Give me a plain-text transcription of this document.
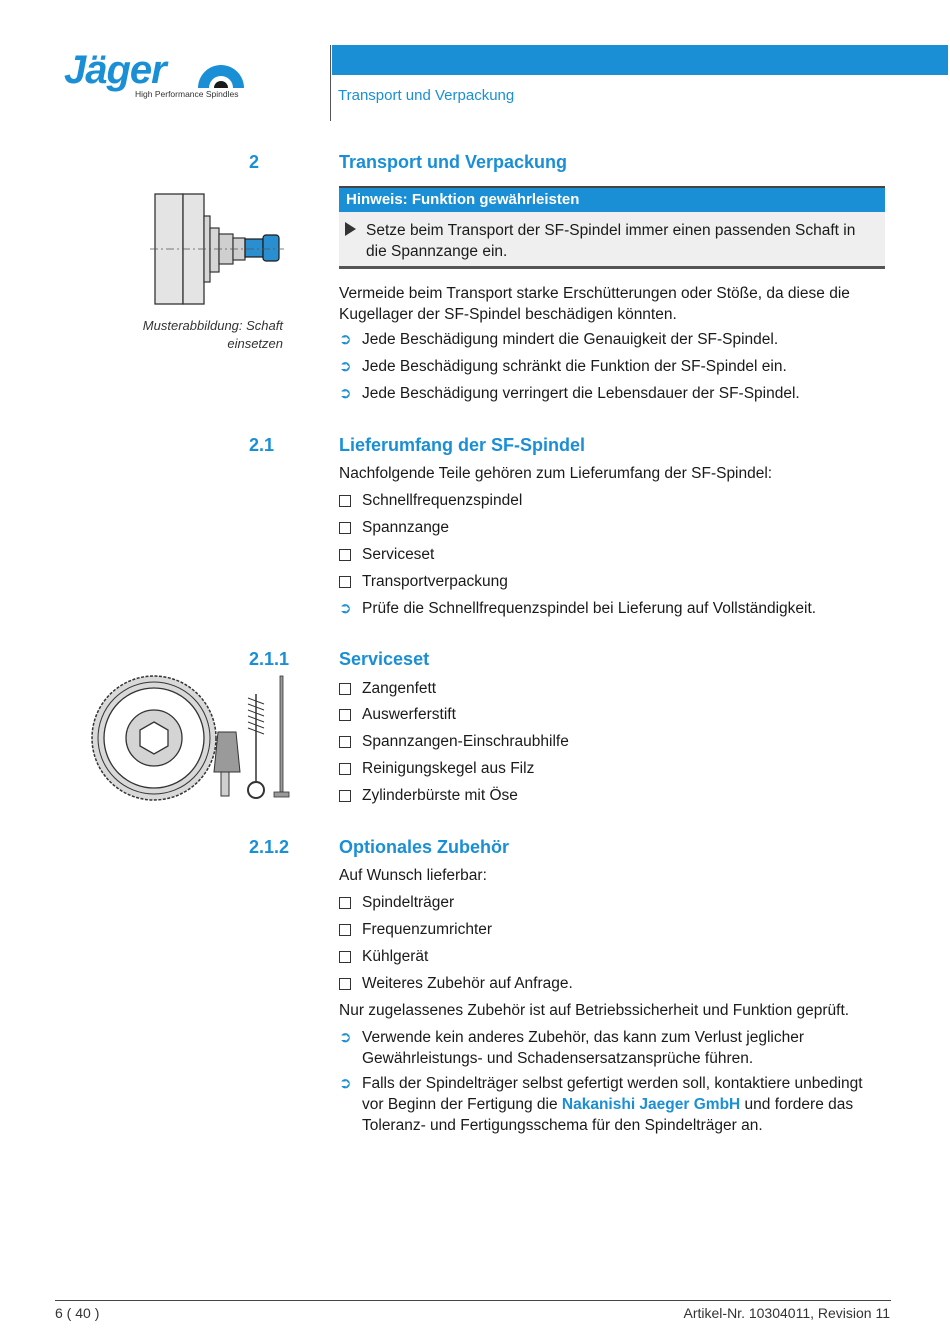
Jäger
High Performance Spindles	Transport und Verpackung
2	Transport und Verpackung
Musterabbildung: Schaft einsetzen
Hinweis: Funktion gewährleisten
Setze beim Transport der SF-Spindel immer einen passenden Schaft in die Spannzange ein.
Vermeide beim Transport starke Erschütterungen oder Stöße, da diese die Kugellager der SF-Spindel beschädigen könnten.
➲ Jede Beschädigung mindert die Genauigkeit der SF-Spindel.
➲ Jede Beschädigung schränkt die Funktion der SF-Spindel ein.
➲ Jede Beschädigung verringert die Lebensdauer der SF-Spindel.
2.1	Lieferumfang der SF-Spindel
Nachfolgende Teile gehören zum Lieferumfang der SF-Spindel:
Schnellfrequenzspindel
Spannzange
Serviceset
Transportverpackung
➲ Prüfe die Schnellfrequenzspindel bei Lieferung auf Vollständigkeit.
2.1.1	Serviceset
Zangenfett
Auswerferstift
Spannzangen-Einschraubhilfe
Reinigungskegel aus Filz
Zylinderbürste mit Öse
2.1.2	Optionales Zubehör
Auf Wunsch lieferbar:
Spindelträger
Frequenzumrichter
Kühlgerät
Weiteres Zubehör auf Anfrage.
Nur zugelassenes Zubehör ist auf Betriebssicherheit und Funktion geprüft.
➲ Verwende kein anderes Zubehör, das kann zum Verlust jeglicher Gewährleistungs- und Schadensersatzansprüche führen.
➲ Falls der Spindelträger selbst gefertigt werden soll, kontaktiere unbedingt vor Beginn der Fertigung die Nakanishi Jaeger GmbH und fordere das Toleranz- und Fertigungsschema für den Spindelträger an.
6 ( 40 )	Artikel-Nr. 10304011, Revision 11
